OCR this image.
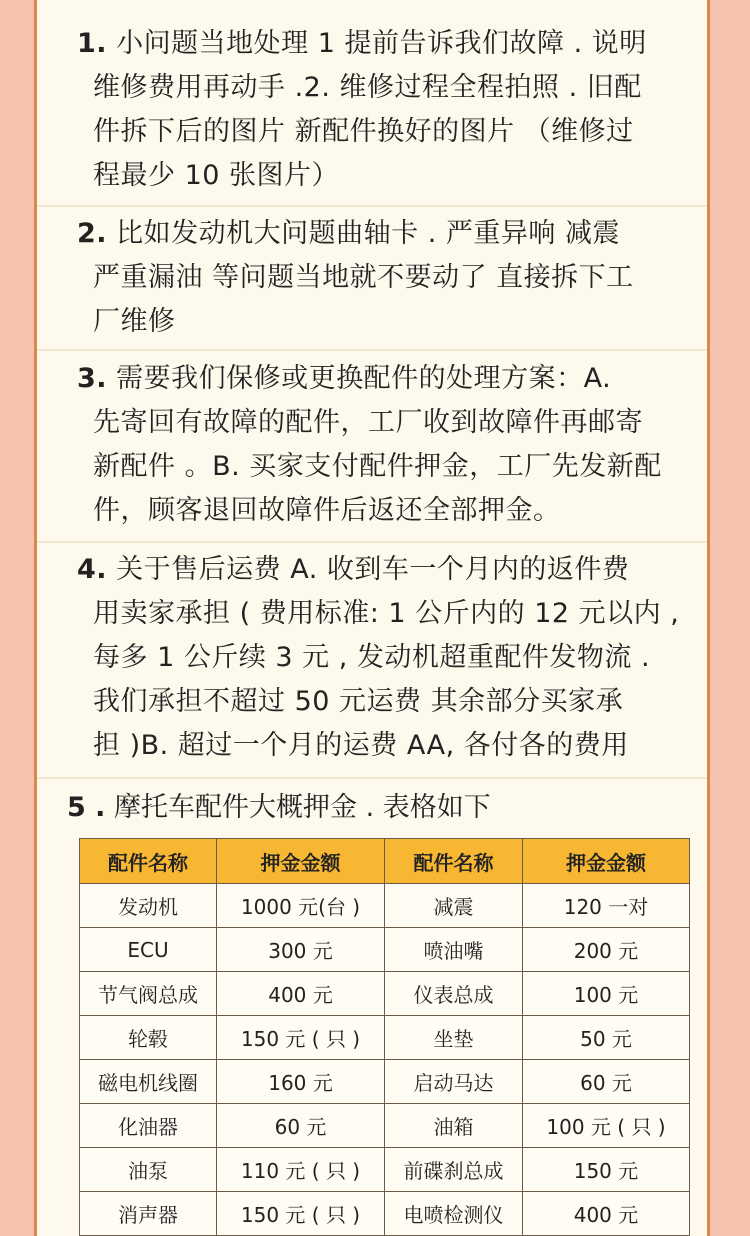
1. 小问题当地处理 1 提前告诉我们故障 . 说明
维修费用再动手 .2. 维修过程全程拍照 . 旧配
件拆下后的图片 新配件换好的图片 （维修过
程最少 10 张图片）
2. 比如发动机大问题曲轴卡 . 严重异响 减震
严重漏油 等问题当地就不要动了 直接拆下工
厂维修
3. 需要我们保修或更换配件的处理方案：A.
先寄回有故障的配件，工厂收到故障件再邮寄
新配件 。B. 买家支付配件押金，工厂先发新配
件，顾客退回故障件后返还全部押金。
4. 关于售后运费 A. 收到车一个月内的返件费
用卖家承担 ( 费用标准: 1 公斤内的 12 元以内 ,
每多 1 公斤续 3 元 , 发动机超重配件发物流 .
我们承担不超过 50 元运费 其余部分买家承
担 )B. 超过一个月的运费 AA, 各付各的费用
5 . 摩托车配件大概押金 . 表格如下
配件名称	押金金额	配件名称	押金金额
发动机	1000 元(台 )	减震	120 一对
ECU	300 元	喷油嘴	200 元
节气阀总成	400 元	仪表总成	100 元
轮毂	150 元 ( 只 )	坐垫	50 元
磁电机线圈	160 元	启动马达	60 元
化油器	60 元	油箱	100 元 ( 只 )
油泵	110 元 ( 只 )	前碟刹总成	150 元
消声器	150 元 ( 只 )	电喷检测仪	400 元
